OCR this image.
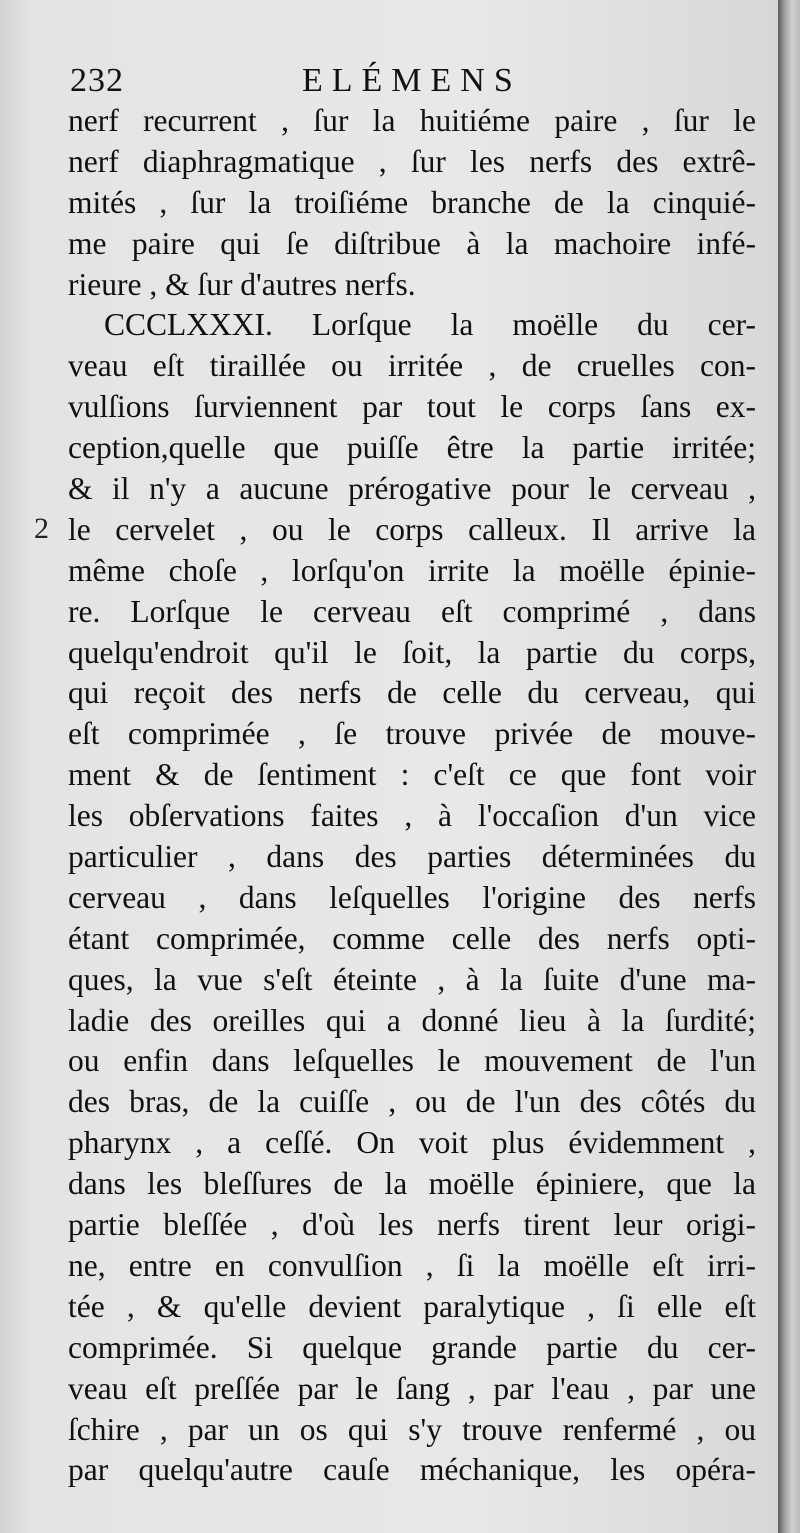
232	ELÉMENS
2
nerf recurrent , ſur la huitiéme paire , ſur le
nerf diaphragmatique , ſur les nerfs des extrê-
mités , ſur la troiſiéme branche de la cinquié-
me paire qui ſe diſtribue à la machoire infé-
rieure , & ſur d'autres nerfs.
CCCLXXXI. Lorſque la moëlle du cer-
veau eſt tiraillée ou irritée , de cruelles con-
vulſions ſurviennent par tout le corps ſans ex-
ception,quelle que puiſſe être la partie irritée;
& il n'y a aucune prérogative pour le cerveau ,
le cervelet , ou le corps calleux. Il arrive la
même choſe , lorſqu'on irrite la moëlle épinie-
re. Lorſque le cerveau eſt comprimé , dans
quelqu'endroit qu'il le ſoit, la partie du corps,
qui reçoit des nerfs de celle du cerveau, qui
eſt comprimée , ſe trouve privée de mouve-
ment & de ſentiment : c'eſt ce que font voir
les obſervations faites , à l'occaſion d'un vice
particulier , dans des parties déterminées du
cerveau , dans leſquelles l'origine des nerfs
étant comprimée, comme celle des nerfs opti-
ques, la vue s'eſt éteinte , à la ſuite d'une ma-
ladie des oreilles qui a donné lieu à la ſurdité;
ou enfin dans leſquelles le mouvement de l'un
des bras, de la cuiſſe , ou de l'un des côtés du
pharynx , a ceſſé. On voit plus évidemment ,
dans les bleſſures de la moëlle épiniere, que la
partie bleſſée , d'où les nerfs tirent leur origi-
ne, entre en convulſion , ſi la moëlle eſt irri-
tée , & qu'elle devient paralytique , ſi elle eſt
comprimée. Si quelque grande partie du cer-
veau eſt preſſée par le ſang , par l'eau , par une
ſchire , par un os qui s'y trouve renfermé , ou
par quelqu'autre cauſe méchanique, les opéra-
